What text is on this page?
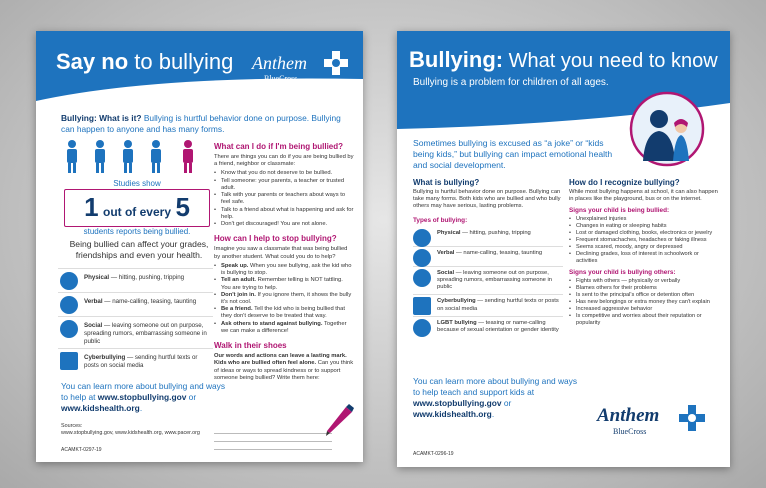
Say no to bullying Anthem
BlueCross
Bullying: What is it? Bullying is hurtful behavior done on purpose. Bullying can happen to anyone and has many forms.
Studies show
1 out of every 5
students reports being bullied.
Being bullied can affect your grades, friendships and even your health.
Physical — hitting, pushing, tripping
Verbal — name-calling, teasing, taunting
Social — leaving someone out on purpose, spreading rumors, embarrassing someone in public
Cyberbullying — sending hurtful texts or posts on social media
You can learn more about bullying and ways to help at www.stopbullying.gov or www.kidshealth.org.
Sources:
www.stopbullying.gov, www.kidshealth.org, www.pacer.org
ACAMKT-0297-19
What can I do if I'm being bullied?
There are things you can do if you are being bullied by a friend, neighbor or classmate:
• Know that you do not deserve to be bullied.
• Tell someone: your parents, a teacher or trusted adult.
• Talk with your parents or teachers about ways to feel safe.
• Talk to a friend about what is happening and ask for help.
• Don't get discouraged! You are not alone.
How can I help to stop bullying?
Imagine you saw a classmate that was being bullied by another student. What could you do to help?
• Speak up. When you see bullying, ask the kid who is bullying to stop.
• Tell an adult. Remember telling is NOT tattling. You are trying to help.
• Don't join in. If you ignore them, it shows the bully it's not cool.
• Be a friend. Tell the kid who is being bullied that they don't deserve to be treated that way.
• Ask others to stand against bullying. Together we can make a difference!
Walk in their shoes
Our words and actions can leave a lasting mark. Kids who are bullied often feel alone. Can you think of ideas or ways to spread kindness or to support someone being bullied? Write them here:
Bullying: What you need to know
Bullying is a problem for children of all ages.
Sometimes bullying is excused as “a joke” or “kids being kids,” but bullying can impact emotional health and social development.
What is bullying?
Bullying is hurtful behavior done on purpose. Bullying can take many forms. Both kids who are bullied and who bully others may have serious, lasting problems.
Types of bullying:
Physical — hitting, pushing, tripping
Verbal — name-calling, teasing, taunting
Social — leaving someone out on purpose, spreading rumors, embarrassing someone in public
Cyberbullying — sending hurtful texts or posts on social media
LGBT bullying — teasing or name-calling because of sexual orientation or gender identity
You can learn more about bullying and ways to help teach and support kids at www.stopbullying.gov or www.kidshealth.org.
ACAMKT-0296-19
How do I recognize bullying?
While most bullying happens at school, it can also happen in places like the playground, bus or on the internet.
Signs your child is being bullied:
• Unexplained injuries
• Changes in eating or sleeping habits
• Lost or damaged clothing, books, electronics or jewelry
• Frequent stomachaches, headaches or faking illness
• Seems scared, moody, angry or depressed
• Declining grades, loss of interest in schoolwork or activities
Signs your child is bullying others:
• Fights with others — physically or verbally
• Blames others for their problems
• Is sent to the principal's office or detention often
• Has new belongings or extra money they can't explain
• Increased aggressive behavior
• Is competitive and worries about their reputation or popularity
Anthem
BlueCross
